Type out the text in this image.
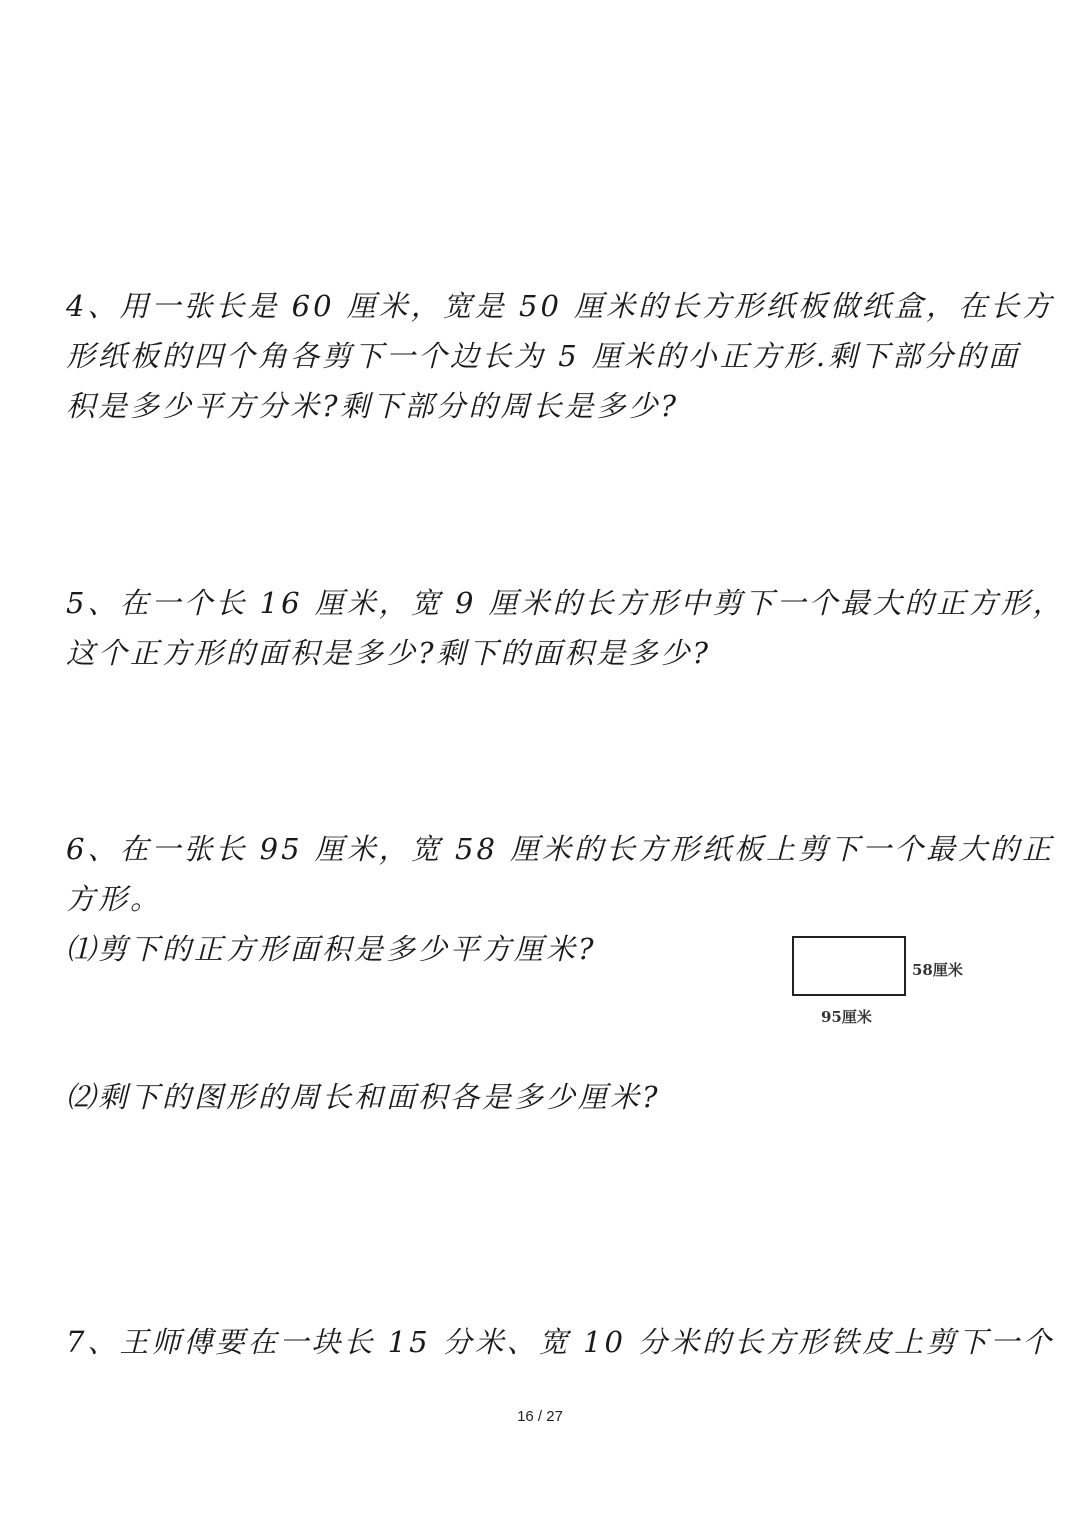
4、用一张长是 60 厘米，宽是 50 厘米的长方形纸板做纸盒，在长方
形纸板的四个角各剪下一个边长为 5 厘米的小正方形.剩下部分的面
积是多少平方分米?剩下部分的周长是多少?
5、在一个长 16 厘米，宽 9 厘米的长方形中剪下一个最大的正方形，
这个正方形的面积是多少?剩下的面积是多少?
6、在一张长 95 厘米，宽 58 厘米的长方形纸板上剪下一个最大的正
方形。
⑴剪下的正方形面积是多少平方厘米?
58厘米
95厘米
⑵剩下的图形的周长和面积各是多少厘米?
7、王师傅要在一块长 15 分米、宽 10 分米的长方形铁皮上剪下一个
16 / 27
